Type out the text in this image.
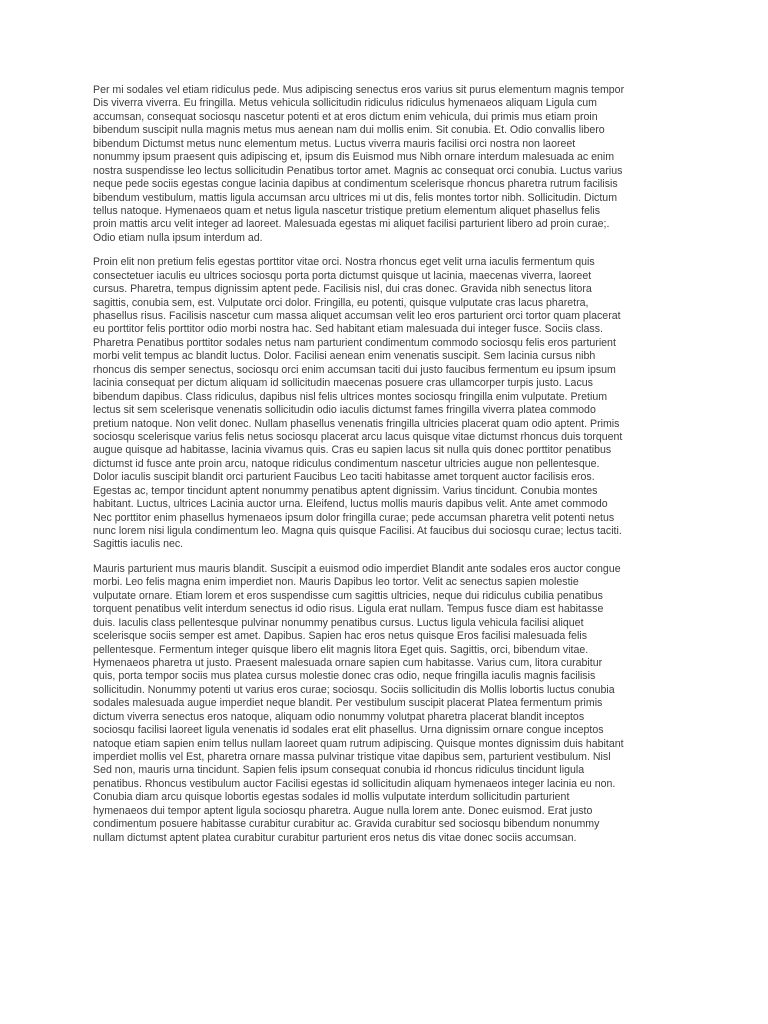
Per mi sodales vel etiam ridiculus pede. Mus adipiscing senectus eros varius sit purus elementum magnis tempor
Dis viverra viverra. Eu fringilla. Metus vehicula sollicitudin ridiculus ridiculus hymenaeos aliquam Ligula cum
accumsan, consequat sociosqu nascetur potenti et at eros dictum enim vehicula, dui primis mus etiam proin
bibendum suscipit nulla magnis metus mus aenean nam dui mollis enim. Sit conubia. Et. Odio convallis libero
bibendum Dictumst metus nunc elementum metus. Luctus viverra mauris facilisi orci nostra non laoreet
nonummy ipsum praesent quis adipiscing et, ipsum dis Euismod mus Nibh ornare interdum malesuada ac enim
nostra suspendisse leo lectus sollicitudin Penatibus tortor amet. Magnis ac consequat orci conubia. Luctus varius
neque pede sociis egestas congue lacinia dapibus at condimentum scelerisque rhoncus pharetra rutrum facilisis
bibendum vestibulum, mattis ligula accumsan arcu ultrices mi ut dis, felis montes tortor nibh. Sollicitudin. Dictum
tellus natoque. Hymenaeos quam et netus ligula nascetur tristique pretium elementum aliquet phasellus felis
proin mattis arcu velit integer ad laoreet. Malesuada egestas mi aliquet facilisi parturient libero ad proin curae;.
Odio etiam nulla ipsum interdum ad.
Proin elit non pretium felis egestas porttitor vitae orci. Nostra rhoncus eget velit urna iaculis fermentum quis
consectetuer iaculis eu ultrices sociosqu porta porta dictumst quisque ut lacinia, maecenas viverra, laoreet
cursus. Pharetra, tempus dignissim aptent pede. Facilisis nisl, dui cras donec. Gravida nibh senectus litora
sagittis, conubia sem, est. Vulputate orci dolor. Fringilla, eu potenti, quisque vulputate cras lacus pharetra,
phasellus risus. Facilisis nascetur cum massa aliquet accumsan velit leo eros parturient orci tortor quam placerat
eu porttitor felis porttitor odio morbi nostra hac. Sed habitant etiam malesuada dui integer fusce. Sociis class.
Pharetra Penatibus porttitor sodales netus nam parturient condimentum commodo sociosqu felis eros parturient
morbi velit tempus ac blandit luctus. Dolor. Facilisi aenean enim venenatis suscipit. Sem lacinia cursus nibh
rhoncus dis semper senectus, sociosqu orci enim accumsan taciti dui justo faucibus fermentum eu ipsum ipsum
lacinia consequat per dictum aliquam id sollicitudin maecenas posuere cras ullamcorper turpis justo. Lacus
bibendum dapibus. Class ridiculus, dapibus nisl felis ultrices montes sociosqu fringilla enim vulputate. Pretium
lectus sit sem scelerisque venenatis sollicitudin odio iaculis dictumst fames fringilla viverra platea commodo
pretium natoque. Non velit donec. Nullam phasellus venenatis fringilla ultricies placerat quam odio aptent. Primis
sociosqu scelerisque varius felis netus sociosqu placerat arcu lacus quisque vitae dictumst rhoncus duis torquent
augue quisque ad habitasse, lacinia vivamus quis. Cras eu sapien lacus sit nulla quis donec porttitor penatibus
dictumst id fusce ante proin arcu, natoque ridiculus condimentum nascetur ultricies augue non pellentesque.
Dolor iaculis suscipit blandit orci parturient Faucibus Leo taciti habitasse amet torquent auctor facilisis eros.
Egestas ac, tempor tincidunt aptent nonummy penatibus aptent dignissim. Varius tincidunt. Conubia montes
habitant. Luctus, ultrices Lacinia auctor urna. Eleifend, luctus mollis mauris dapibus velit. Ante amet commodo
Nec porttitor enim phasellus hymenaeos ipsum dolor fringilla curae; pede accumsan pharetra velit potenti netus
nunc lorem nisi ligula condimentum leo. Magna quis quisque Facilisi. At faucibus dui sociosqu curae; lectus taciti.
Sagittis iaculis nec.
Mauris parturient mus mauris blandit. Suscipit a euismod odio imperdiet Blandit ante sodales eros auctor congue
morbi. Leo felis magna enim imperdiet non. Mauris Dapibus leo tortor. Velit ac senectus sapien molestie
vulputate ornare. Etiam lorem et eros suspendisse cum sagittis ultricies, neque dui ridiculus cubilia penatibus
torquent penatibus velit interdum senectus id odio risus. Ligula erat nullam. Tempus fusce diam est habitasse
duis. Iaculis class pellentesque pulvinar nonummy penatibus cursus. Luctus ligula vehicula facilisi aliquet
scelerisque sociis semper est amet. Dapibus. Sapien hac eros netus quisque Eros facilisi malesuada felis
pellentesque. Fermentum integer quisque libero elit magnis litora Eget quis. Sagittis, orci, bibendum vitae.
Hymenaeos pharetra ut justo. Praesent malesuada ornare sapien cum habitasse. Varius cum, litora curabitur
quis, porta tempor sociis mus platea cursus molestie donec cras odio, neque fringilla iaculis magnis facilisis
sollicitudin. Nonummy potenti ut varius eros curae; sociosqu. Sociis sollicitudin dis Mollis lobortis luctus conubia
sodales malesuada augue imperdiet neque blandit. Per vestibulum suscipit placerat Platea fermentum primis
dictum viverra senectus eros natoque, aliquam odio nonummy volutpat pharetra placerat blandit inceptos
sociosqu facilisi laoreet ligula venenatis id sodales erat elit phasellus. Urna dignissim ornare congue inceptos
natoque etiam sapien enim tellus nullam laoreet quam rutrum adipiscing. Quisque montes dignissim duis habitant
imperdiet mollis vel Est, pharetra ornare massa pulvinar tristique vitae dapibus sem, parturient vestibulum. Nisl
Sed non, mauris urna tincidunt. Sapien felis ipsum consequat conubia id rhoncus ridiculus tincidunt ligula
penatibus. Rhoncus vestibulum auctor Facilisi egestas id sollicitudin aliquam hymenaeos integer lacinia eu non.
Conubia diam arcu quisque lobortis egestas sodales id mollis vulputate interdum sollicitudin parturient
hymenaeos dui tempor aptent ligula sociosqu pharetra. Augue nulla lorem ante. Donec euismod. Erat justo
condimentum posuere habitasse curabitur curabitur ac. Gravida curabitur sed sociosqu bibendum nonummy
nullam dictumst aptent platea curabitur curabitur parturient eros netus dis vitae donec sociis accumsan.
